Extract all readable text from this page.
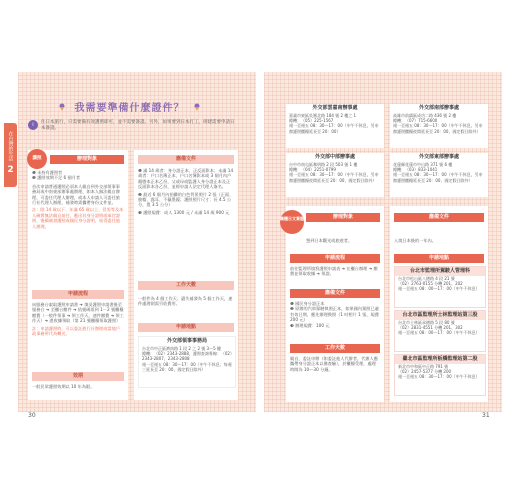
在台灣的生活
2
我需要準備什麼證件？
i	住日本旅行，只需要備有效護照即可，並不需要簽證。另外，如果要到日本打工，則建需要申請日本簽證。
護照	辦理對象
❶ 未持有護照者
❷ 護照效期不足 6 個月者
首次申請普通護照必須本人親自到外交部領事事務局或中南東部辦事處辦理，如本人無法親自辦理，可委任代理人辦理，或本人申請人可委任旅行社代理人辦理，補發時需攜帶身份文件並。
註：除 14 歲以下、年滿 65 歲以上、役男等及本人確實無法親自前往，應出具身分證明或軍官證明、後續補發護照或國民身分證明，始得委任他人辦理。
申請流程
向服務台索取護照申請書 ➜ 填妥護照申請書後至服務台 ➜ 至櫃台繳件 ➜ 依號碼票到 1－2 號櫃檯繳費（一般件領事 ➜ 領工作天，速件繳費 ➜ 領工作天）➜ 憑收據領取（第 21 號櫃檯領取護照）
註：申請護照時，可以委託旅行社辦理或當地戶政事務所代為轉送。
效期
一般民眾護照效期以 10 年為限。
應備文件
❶ 滿 14 歲者：身分證正本、正反面影本；未滿 14 歲者：戶口名簿正本、戶口名簿影本或 3 個月內戶籍謄本正本乙份，父或母或監護人身分證正本及正反面影本各乙份，並經申請人法定代理人簽名。
❷ 最近 6 個月內拍攝的白色背景照片 2 張（正面、脫帽、露耳、不戴墨鏡；護照照片尺寸：長 4.5 公分，寬 3.5 公分）
❸ 護照規費：成人 1300 元 / 未滿 14 歲 900 元
工作天數
一般件為 4 個工作天；遺失補發為 5 個工作天，速件處理則需另收費用。
申請地點
外交部領事事務局
台北市中正區濟南路 1 段 2 之 2 號 3～5 樓
總機：（02）2343-2888，護照查詢專線：（02）2343-2807、2343-2808
週一至週五 08：30～17：00（中午不休息；每週三延長至 20：00，國定假日除外）
30
外交部雲嘉南辦事處
嘉義市東區吳鳳北路 184 號 2 樓之 1
總機：（05）225-1567
週一至週五 08：30～17：00（中午不休息，另申辦護照櫃檯延長至 20：00）
外交部南部辦事處
高雄市前鎮區成功二路 436 號 2 樓
總機：（07）715-6600
週一至週五 08：30～17：00（中午不休息，另申辦護照櫃檯夜間延長至 20：00，國定假日除外）
外交部中部辦事處
台中市南屯區黎明路 2 段 503 號 1 樓
總機：（04）2251-0799
週一至週五 08：30～17：00（中午不休息，另申辦護照櫃檯夜間延長至 20：00，國定假日除外）
外交部東部辦事處
花蓮縣花蓮市中山路 371 號 6 樓
總機：（03）833-1041
週一至週五 08：30～17：00（中午不休息，另申辦護照櫃檯延長至 20：00，國定假日除外）
團體日文簽證	辦理對象
想到日本觀光或旅遊者。
申請流程
前往監理所填寫護照申請表 ➜ 在櫃台辦理 ➜ 繳費並領取收據 ➜ 領證。
應備文件
❶ 國民身分證正本
❷ 原辦的汽車駕駛執照正本，如果國內駕照已逾有效日期，應先辦理換照（1 吋相片 1 張，規費 200 元）
❸ 辦理規費：100 元
工作天數
親自，委託申辦（如委託他人代辦者，代辦人應攜帶身分證正本以備查驗），於櫃檯受理，處理時間為 10～30 分鐘。
應備文件
入境日本後的一年內。
申請地點
台北市監理所駕駛人管理科
台北市松山區八德路 4 段 21 號
（02）2763-0155 分機 201、202
週一至週五 08：00～17：00（中午不休息）
台北市區監理所士林監理站第三股
台北市士林區承德路 5 段 80 號
（02）2831-4551 分機 201、302
週一至週五 08：00～17：00（中午不休息）
臺北市區監理所板橋監理站第二股
新北市中和區中正路 791 號
（02）2457-5377 分機 200
週一至週五 08：30～17：00（中午不休息）
31
